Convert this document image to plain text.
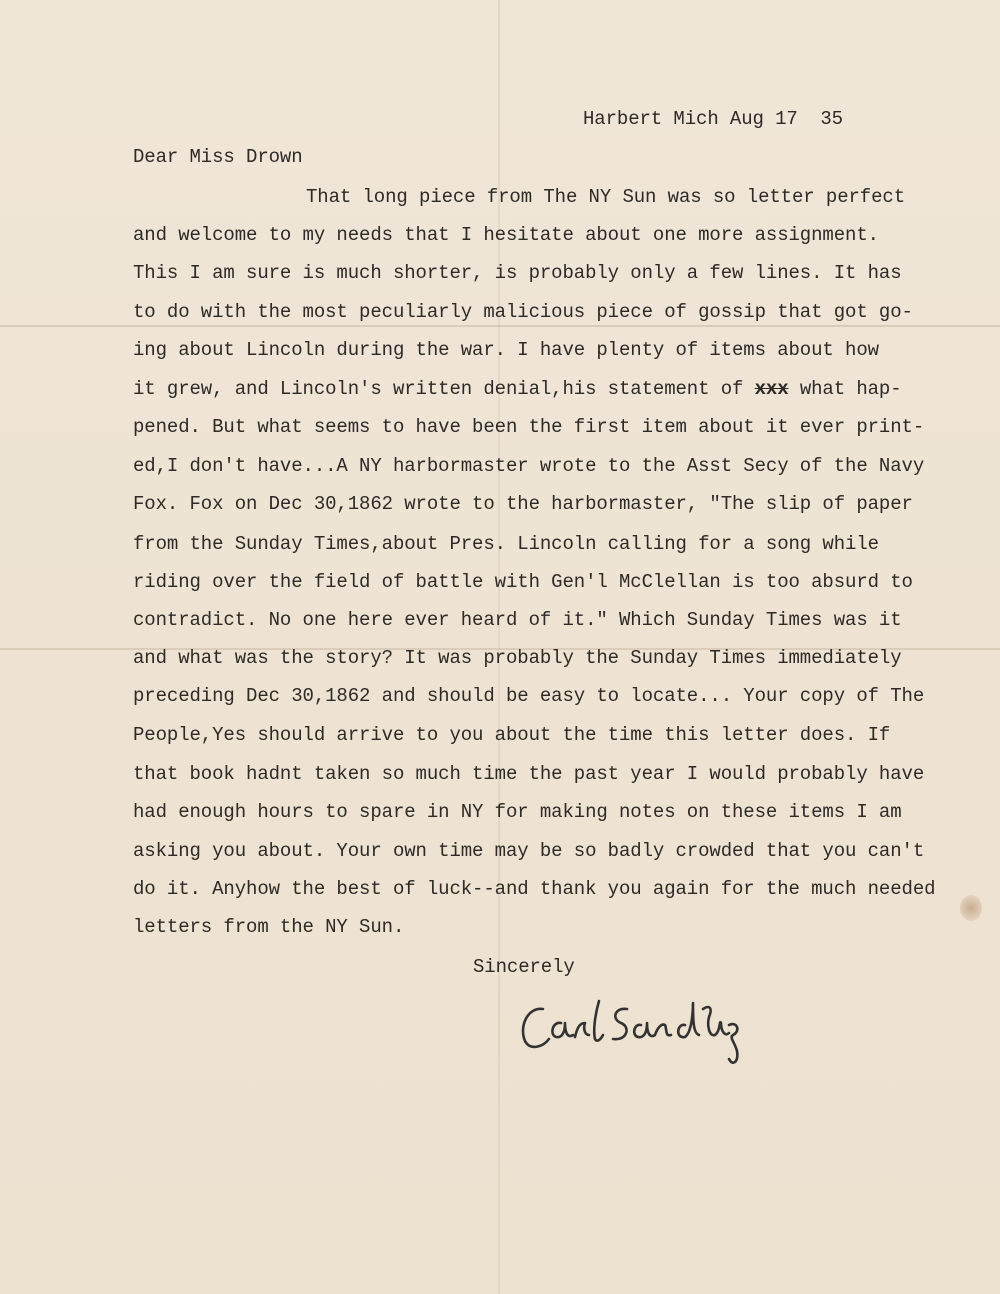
Harbert Mich Aug 17  35
Dear Miss Drown
That long piece from The NY Sun was so letter perfect
and welcome to my needs that I hesitate about one more assignment.
This I am sure is much shorter, is probably only a few lines. It has
to do with the most peculiarly malicious piece of gossip that got go-
ing about Lincoln during the war. I have plenty of items about how
it grew, and Lincoln's written denial,his statement of xxx what hap-
pened. But what seems to have been the first item about it ever print-
ed,I don't have...A NY harbormaster wrote to the Asst Secy of the Navy
Fox. Fox on Dec 30,1862 wrote to the harbormaster, "The slip of paper
from the Sunday Times,about Pres. Lincoln calling for a song while
riding over the field of battle with Gen'l McClellan is too absurd to
contradict. No one here ever heard of it." Which Sunday Times was it
and what was the story? It was probably the Sunday Times immediately
preceding Dec 30,1862 and should be easy to locate... Your copy of The
People,Yes should arrive to you about the time this letter does. If
that book hadnt taken so much time the past year I would probably have
had enough hours to spare in NY for making notes on these items I am
asking you about. Your own time may be so badly crowded that you can't
do it. Anyhow the best of luck--and thank you again for the much needed
letters from the NY Sun.
Sincerely
